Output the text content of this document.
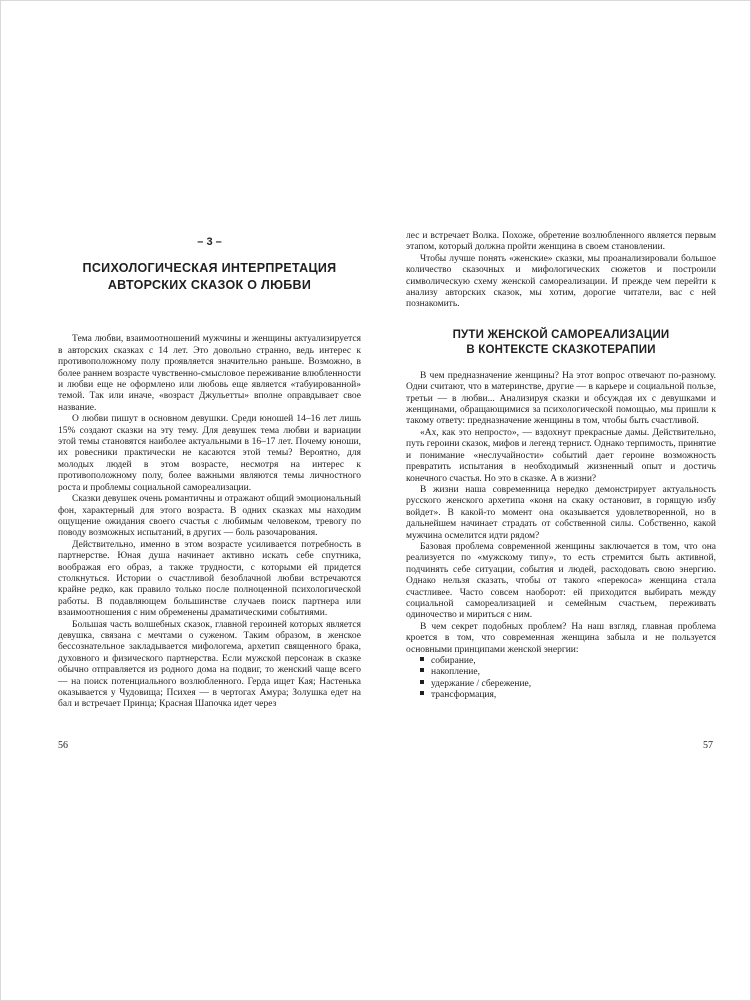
– 3 –
ПСИХОЛОГИЧЕСКАЯ ИНТЕРПРЕТАЦИЯ
АВТОРСКИХ СКАЗОК О ЛЮБВИ

Тема любви, взаимоотношений мужчины и женщины актуализируется в авторских сказках с 14 лет. Это довольно странно, ведь интерес к противоположному полу проявляется значительно раньше. Возможно, в более раннем возрасте чувственно-смысловое переживание влюбленности и любви еще не оформлено или любовь еще является «табуированной» темой. Так или иначе, «возраст Джульетты» вполне оправдывает свое название.

О любви пишут в основном девушки. Среди юношей 14–16 лет лишь 15% создают сказки на эту тему. Для девушек тема любви и вариации этой темы становятся наиболее актуальными в 16–17 лет. Почему юноши, их ровесники практически не касаются этой темы? Вероятно, для молодых людей в этом возрасте, несмотря на интерес к противоположному полу, более важными являются темы личностного роста и проблемы социальной самореализации.

Сказки девушек очень романтичны и отражают общий эмоциональный фон, характерный для этого возраста. В одних сказках мы находим ощущение ожидания своего счастья с любимым человеком, тревогу по поводу возможных испытаний, в других — боль разочарования.

Действительно, именно в этом возрасте усиливается потребность в партнерстве. Юная душа начинает активно искать себе спутника, воображая его образ, а также трудности, с которыми ей придется столкнуться. Истории о счастливой безоблачной любви встречаются крайне редко, как правило только после полноценной психологической работы. В подавляющем большинстве случаев поиск партнера или взаимоотношения с ним обременены драматическими событиями.

Большая часть волшебных сказок, главной героиней которых является девушка, связана с мечтами о суженом. Таким образом, в женское бессознательное закладывается мифологема, архетип священного брака, духовного и физического партнерства. Если мужской персонаж в сказке обычно отправляется из родного дома на подвиг, то женский чаще всего — на поиск потенциального возлюбленного. Герда ищет Кая; Настенька оказывается у Чудовища; Психея — в чертогах Амура; Золушка едет на бал и встречает Принца; Красная Шапочка идет через

лес и встречает Волка. Похоже, обретение возлюбленного является первым этапом, который должна пройти женщина в своем становлении.

Чтобы лучше понять «женские» сказки, мы проанализировали большое количество сказочных и мифологических сюжетов и построили символическую схему женской самореализации. И прежде чем перейти к анализу авторских сказок, мы хотим, дорогие читатели, вас с ней познакомить.

ПУТИ ЖЕНСКОЙ САМОРЕАЛИЗАЦИИ
В КОНТЕКСТЕ СКАЗКОТЕРАПИИ

В чем предназначение женщины? На этот вопрос отвечают по-разному. Одни считают, что в материнстве, другие — в карьере и социальной пользе, третьи — в любви... Анализируя сказки и обсуждая их с девушками и женщинами, обращающимися за психологической помощью, мы пришли к такому ответу: предназначение женщины в том, чтобы быть счастливой.

«Ах, как это непросто», — вздохнут прекрасные дамы. Действительно, путь героини сказок, мифов и легенд тернист. Однако терпимость, принятие и понимание «неслучайности» событий дает героине возможность превратить испытания в необходимый жизненный опыт и достичь конечного счастья. Но это в сказке. А в жизни?

В жизни наша современница нередко демонстрирует актуальность русского женского архетипа «коня на скаку остановит, в горящую избу войдет». В какой-то момент она оказывается удовлетворенной, но в дальнейшем начинает страдать от собственной силы. Собственно, какой мужчина осмелится идти рядом?

Базовая проблема современной женщины заключается в том, что она реализуется по «мужскому типу», то есть стремится быть активной, подчинять себе ситуации, события и людей, расходовать свою энергию. Однако нельзя сказать, чтобы от такого «перекоса» женщина стала счастливее. Часто совсем наоборот: ей приходится выбирать между социальной самореализацией и семейным счастьем, переживать одиночество и мириться с ним.

В чем секрет подобных проблем? На наш взгляд, главная проблема кроется в том, что современная женщина забыла и не пользуется основными принципами женской энергии:

собирание,
накопление,
удержание / сбережение,
трансформация,
56	57
